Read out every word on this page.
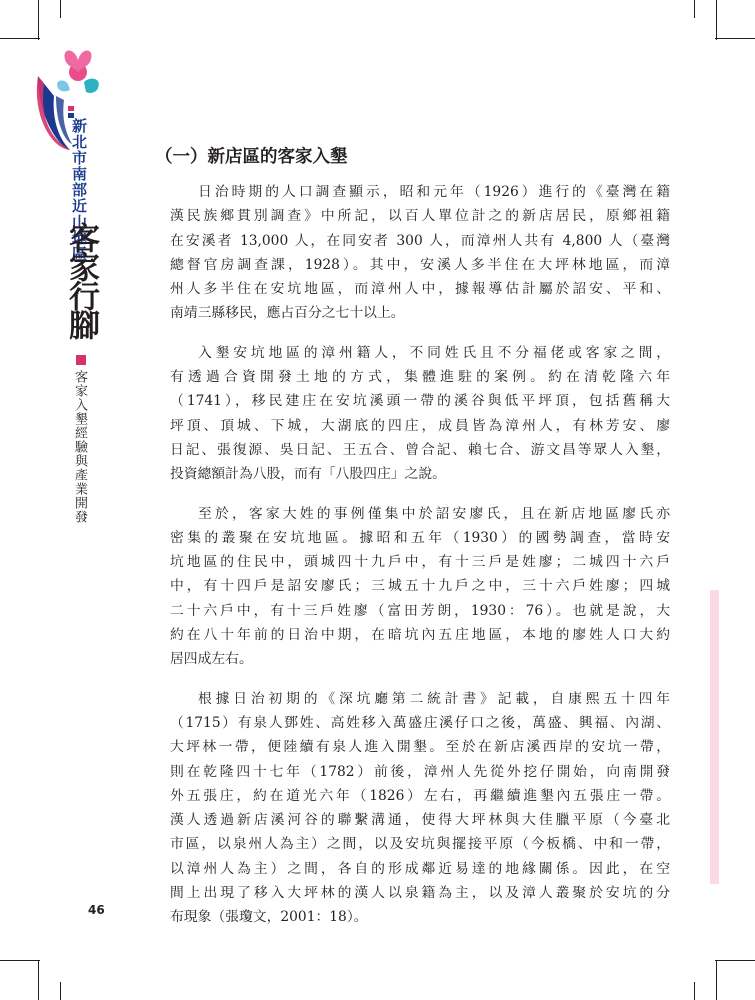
新北市南部近山地區
客家行腳
客家入墾經驗與產業開發
（一）新店區的客家入墾
日治時期的人口調查顯示，昭和元年（1926）進行的《臺灣在籍
漢民族鄉貫別調查》中所記，以百人單位計之的新店居民，原鄉祖籍
在安溪者 13,000 人，在同安者 300 人，而漳州人共有 4,800 人（臺灣
總督官房調查課，1928）。其中，安溪人多半住在大坪林地區，而漳
州人多半住在安坑地區，而漳州人中，據報導估計屬於詔安、平和、
南靖三縣移民，應占百分之七十以上。
入墾安坑地區的漳州籍人，不同姓氏且不分福佬或客家之間，
有透過合資開發土地的方式，集體進駐的案例。約在清乾隆六年
（1741），移民建庄在安坑溪頭一帶的溪谷與低平坪頂，包括舊稱大
坪頂、頂城、下城，大湖底的四庄，成員皆為漳州人，有林芳安、廖
日記、張復源、吳日記、王五合、曾合記、賴七合、游文昌等眾人入墾，
投資總額計為八股，而有「八股四庄」之說。
至於，客家大姓的事例僅集中於詔安廖氏，且在新店地區廖氏亦
密集的叢聚在安坑地區。據昭和五年（1930）的國勢調查，當時安
坑地區的住民中，頭城四十九戶中，有十三戶是姓廖；二城四十六戶
中，有十四戶是詔安廖氏；三城五十九戶之中，三十六戶姓廖；四城
二十六戶中，有十三戶姓廖（富田芳朗，1930：76）。也就是說，大
約在八十年前的日治中期，在暗坑內五庄地區，本地的廖姓人口大約
居四成左右。
根據日治初期的《深坑廳第二統計書》記載，自康熙五十四年
（1715）有泉人鄧姓、高姓移入萬盛庄溪仔口之後，萬盛、興福、內湖、
大坪林一帶，便陸續有泉人進入開墾。至於在新店溪西岸的安坑一帶，
則在乾隆四十七年（1782）前後，漳州人先從外挖仔開始，向南開發
外五張庄，約在道光六年（1826）左右，再繼續進墾內五張庄一帶。
漢人透過新店溪河谷的聯繫溝通，使得大坪林與大佳臘平原（今臺北
市區，以泉州人為主）之間，以及安坑與擺接平原（今板橋、中和一帶，
以漳州人為主）之間，各自的形成鄰近易達的地緣關係。因此，在空
間上出現了移入大坪林的漢人以泉籍為主，以及漳人叢聚於安坑的分
布現象（張瓊文，2001：18）。
46
